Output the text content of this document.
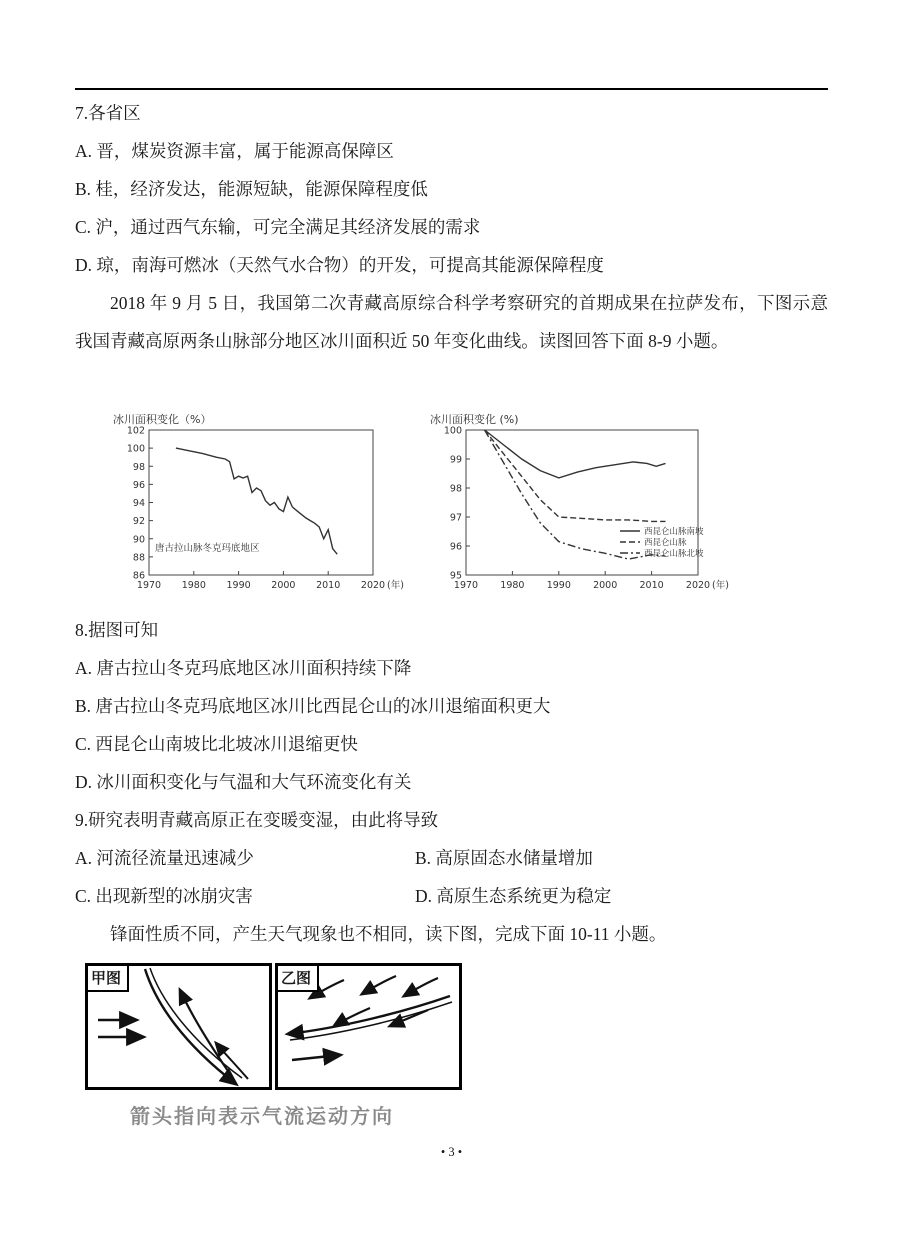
7.各省区

A. 晋，煤炭资源丰富，属于能源高保障区

B. 桂，经济发达，能源短缺，能源保障程度低

C. 沪，通过西气东输，可完全满足其经济发展的需求

D. 琼，南海可燃冰（天然气水合物）的开发，可提高其能源保障程度

2018 年 9 月 5 日，我国第二次青藏高原综合科学考察研究的首期成果在拉萨发布，下图示意我国青藏高原两条山脉部分地区冰川面积近 50 年变化曲线。读图回答下面 8-9 小题。

冰川面积变化（%）
86
88
90
92
94
96
98
100
102
1970 1980 1990 2000 2010 2020 (年)
唐古拉山脉冬克玛底地区
冰川面积变化 (%)
95
96
97
98
99
100
1970 1980 1990 2000 2010 2020 (年)
西昆仑山脉南坡
西昆仑山脉
西昆仑山脉北坡

8.据图可知

A. 唐古拉山冬克玛底地区冰川面积持续下降

B. 唐古拉山冬克玛底地区冰川比西昆仑山的冰川退缩面积更大

C. 西昆仑山南坡比北坡冰川退缩更快

D. 冰川面积变化与气温和大气环流变化有关

9.研究表明青藏高原正在变暖变湿，由此将导致

A. 河流径流量迅速减少	B. 高原固态水储量增加
C. 出现新型的冰崩灾害	D. 高原生态系统更为稳定

锋面性质不同，产生天气现象也不相同，读下图，完成下面 10-11 小题。

甲图	乙图

箭头指向表示气流运动方向

• 3 •
